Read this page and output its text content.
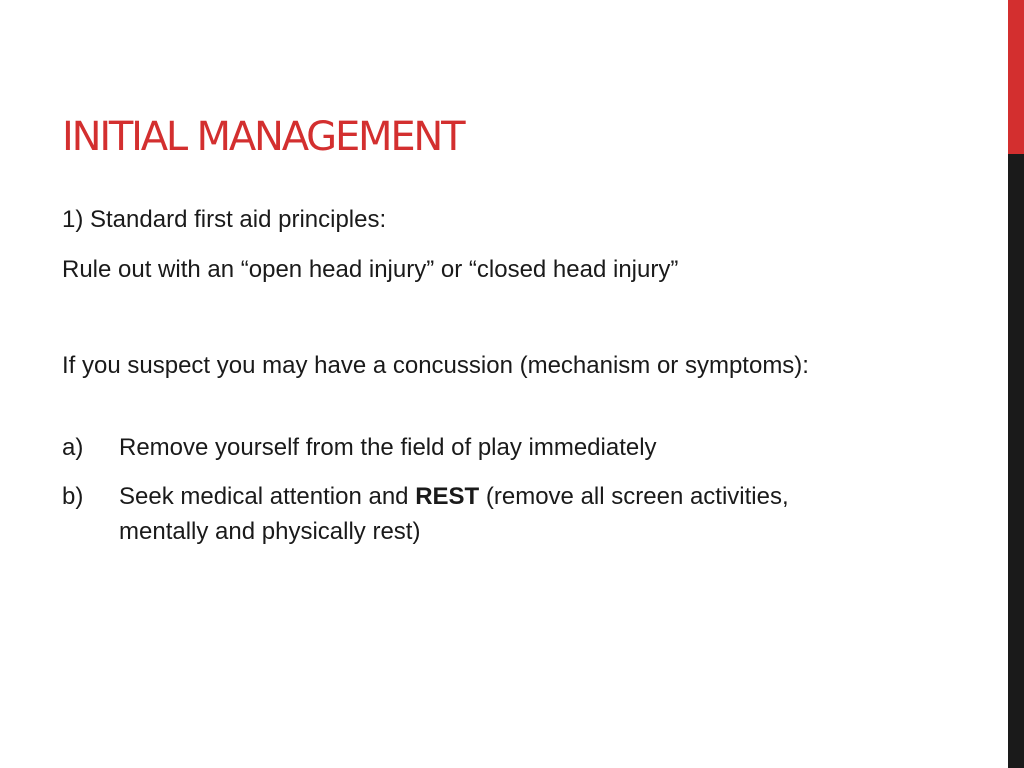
INITIAL MANAGEMENT

1) Standard first aid principles:

Rule out with an “open head injury” or “closed head injury”

If you suspect you may have a concussion (mechanism or symptoms):

a) Remove yourself from the field of play immediately
b) Seek medical attention and REST (remove all screen activities, mentally and physically rest)
